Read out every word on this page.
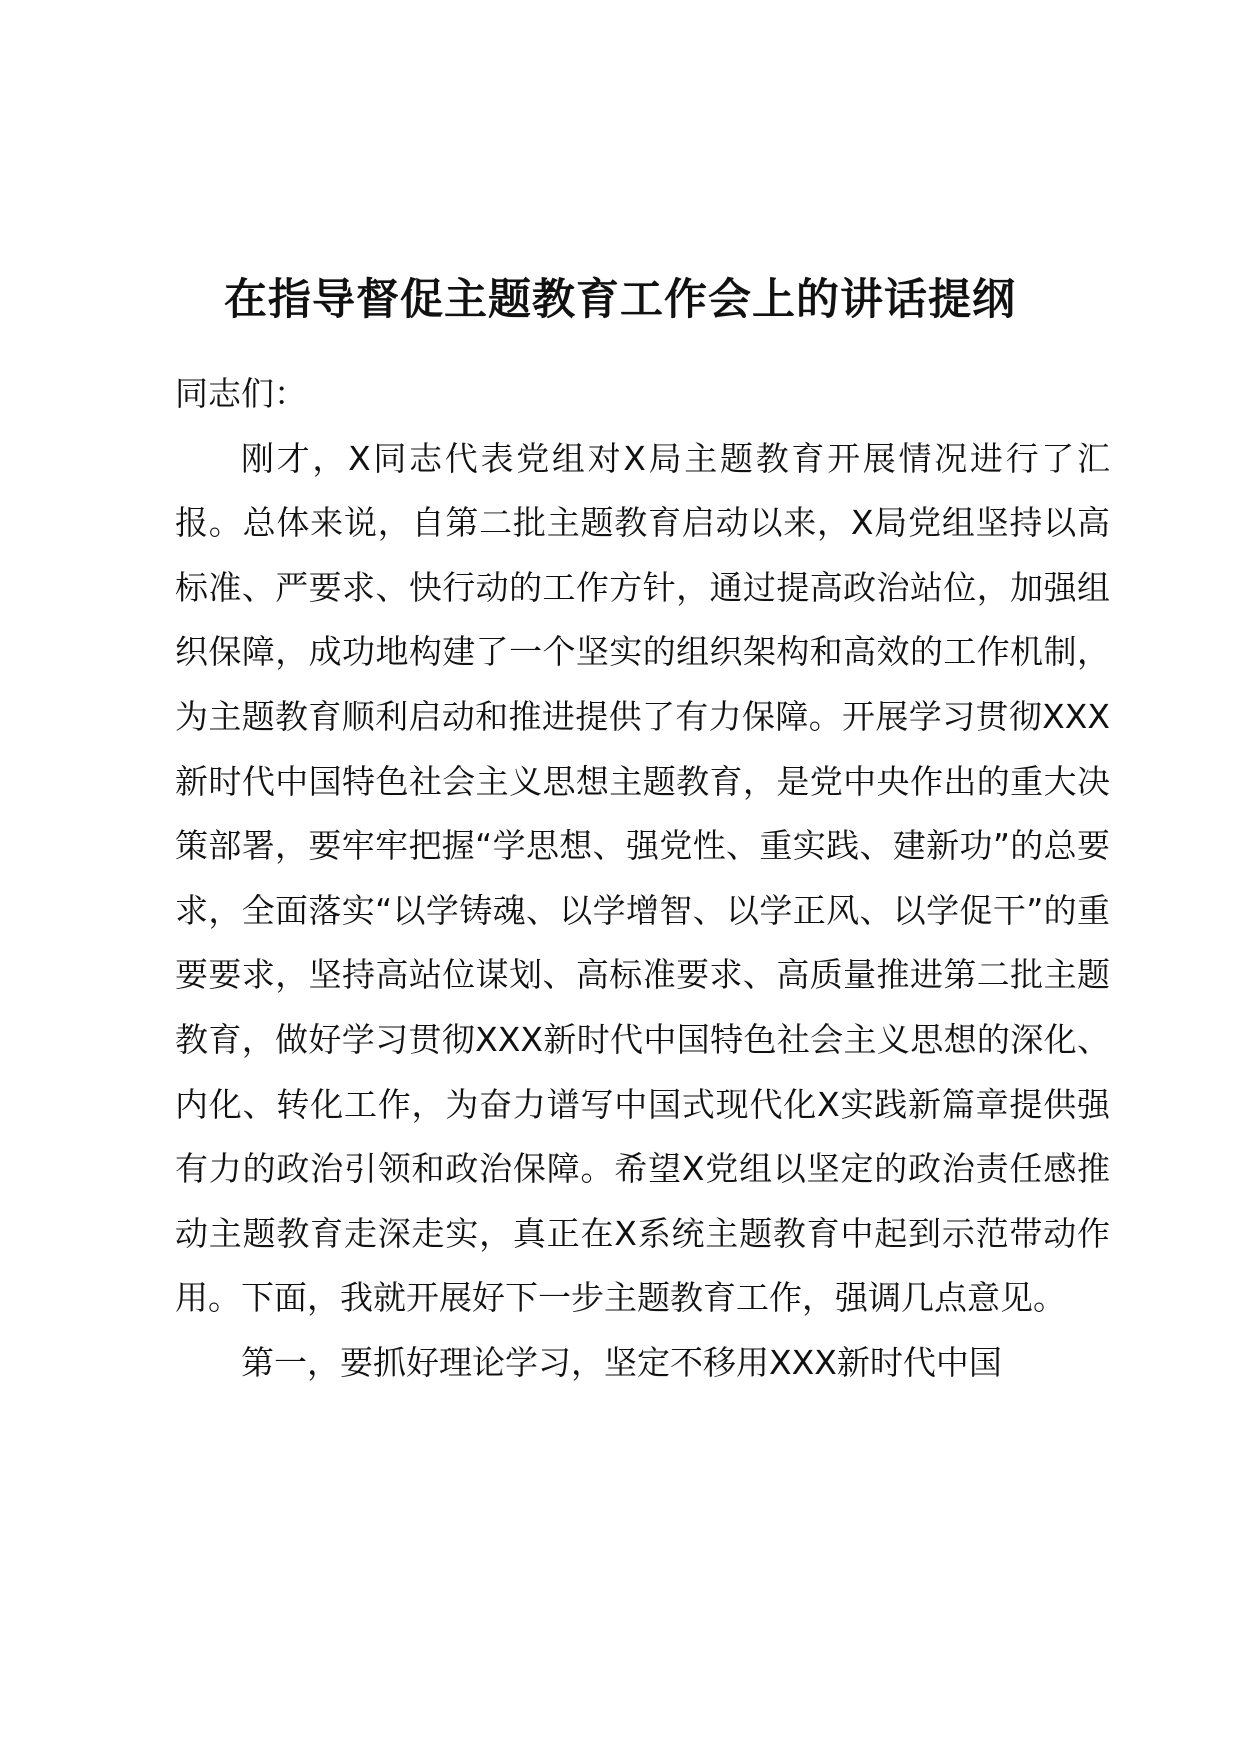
在指导督促主题教育工作会上的讲话提纲

同志们：

刚才，X同志代表党组对X局主题教育开展情况进行了汇报。总体来说，自第二批主题教育启动以来，X局党组坚持以高标准、严要求、快行动的工作方针，通过提高政治站位，加强组织保障，成功地构建了一个坚实的组织架构和高效的工作机制，为主题教育顺利启动和推进提供了有力保障。开展学习贯彻XXX新时代中国特色社会主义思想主题教育，是党中央作出的重大决策部署，要牢牢把握“学思想、强党性、重实践、建新功”的总要求，全面落实“以学铸魂、以学增智、以学正风、以学促干”的重要要求，坚持高站位谋划、高标准要求、高质量推进第二批主题教育，做好学习贯彻XXX新时代中国特色社会主义思想的深化、内化、转化工作，为奋力谱写中国式现代化X实践新篇章提供强有力的政治引领和政治保障。希望X党组以坚定的政治责任感推动主题教育走深走实，真正在X系统主题教育中起到示范带动作用。下面，我就开展好下一步主题教育工作，强调几点意见。

第一，要抓好理论学习，坚定不移用XXX新时代中国
